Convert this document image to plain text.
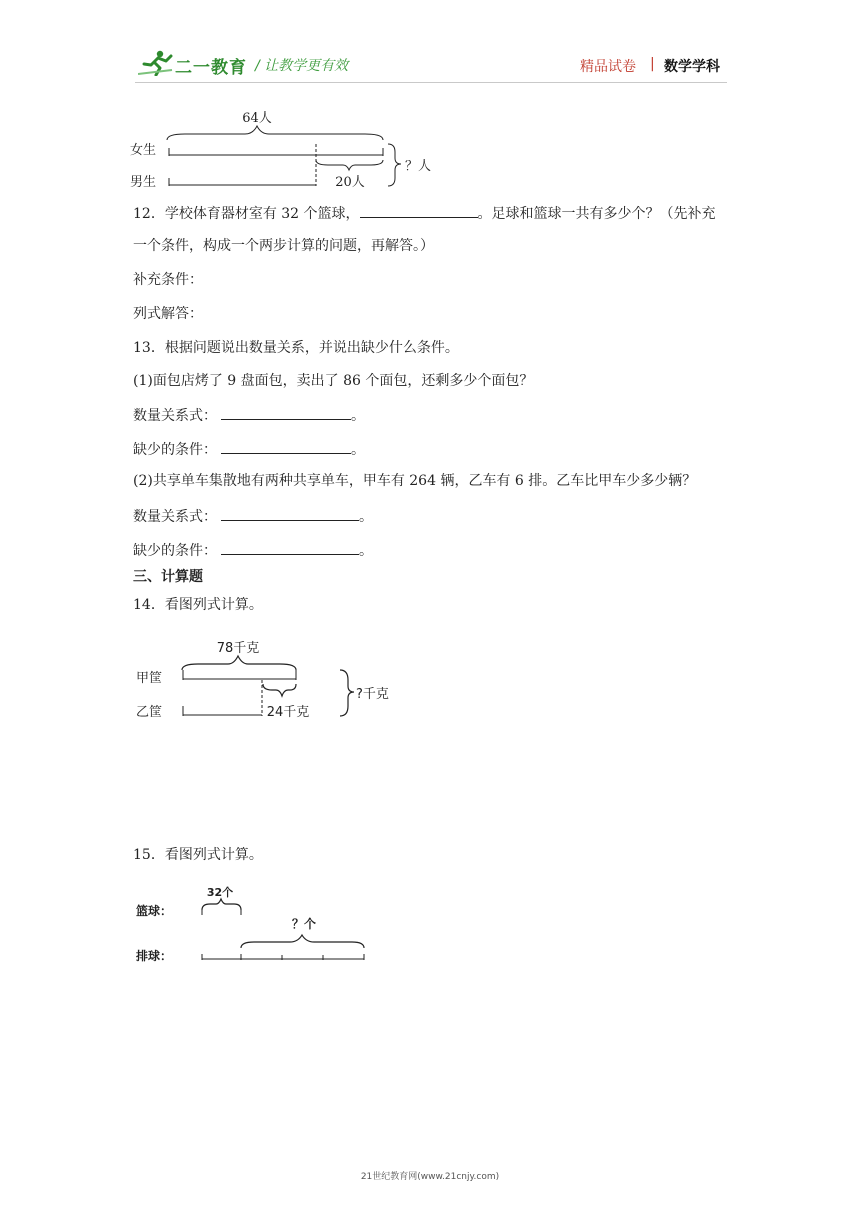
二一教育 / 让教学更有效	精品试卷 | 数学学科
64人
女生
20人
男生
？人
12．学校体育器材室有 32 个篮球，	。足球和篮球一共有多少个？（先补充
一个条件，构成一个两步计算的问题，再解答。）
补充条件：
列式解答：
13．根据问题说出数量关系，并说出缺少什么条件。
(1)面包店烤了 9 盘面包，卖出了 86 个面包，还剩多少个面包？
数量关系式：	。
缺少的条件：	。
(2)共享单车集散地有两种共享单车，甲车有 264 辆，乙车有 6 排。乙车比甲车少多少辆？
数量关系式：	。
缺少的条件：	。
三、计算题
14．看图列式计算。
78千克
甲筐
24千克
乙筐
?千克
15．看图列式计算。
32个
篮球：
？个
排球：
21世纪教育网(www.21cnjy.com)
